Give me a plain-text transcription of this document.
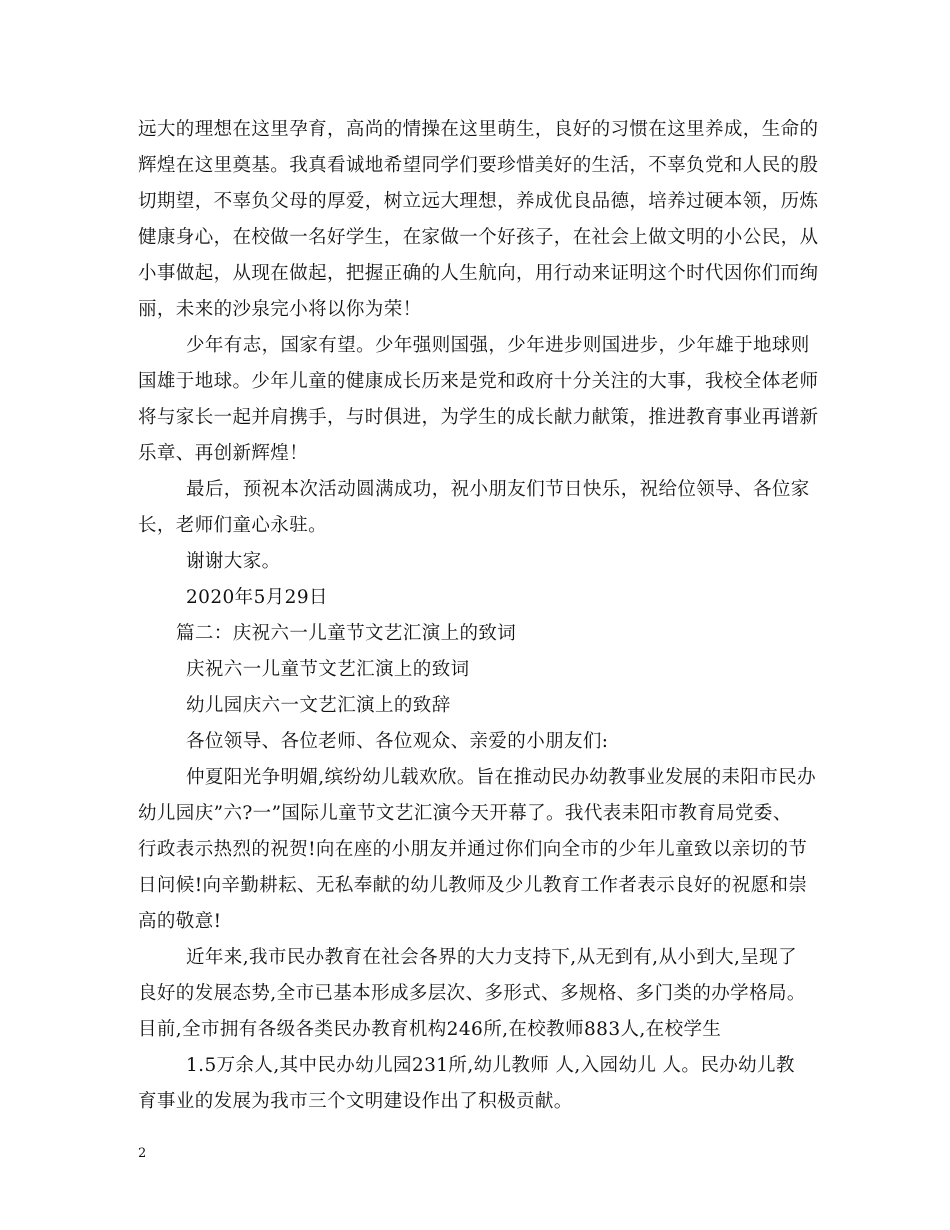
远大的理想在这里孕育，高尚的情操在这里萌生，良好的习惯在这里养成，生命的
辉煌在这里奠基。我真看诚地希望同学们要珍惜美好的生活，不辜负党和人民的殷
切期望，不辜负父母的厚爱，树立远大理想，养成优良品德，培养过硬本领，历炼
健康身心，在校做一名好学生，在家做一个好孩子，在社会上做文明的小公民，从
小事做起，从现在做起，把握正确的人生航向，用行动来证明这个时代因你们而绚
丽，未来的沙泉完小将以你为荣！
少年有志，国家有望。少年强则国强，少年进步则国进步，少年雄于地球则
国雄于地球。少年儿童的健康成长历来是党和政府十分关注的大事，我校全体老师
将与家长一起并肩携手，与时俱进，为学生的成长献力献策，推进教育事业再谱新
乐章、再创新辉煌！
最后，预祝本次活动圆满成功，祝小朋友们节日快乐，祝给位领导、各位家
长，老师们童心永驻。
谢谢大家。
2020年5月29日
篇二：庆祝六一儿童节文艺汇演上的致词
庆祝六一儿童节文艺汇演上的致词
幼儿园庆六一文艺汇演上的致辞
各位领导、各位老师、各位观众、亲爱的小朋友们:
仲夏阳光争明媚,缤纷幼儿载欢欣。旨在推动民办幼教事业发展的耒阳市民办
幼儿园庆”六?一”国际儿童节文艺汇演今天开幕了。我代表耒阳市教育局党委、
行政表示热烈的祝贺!向在座的小朋友并通过你们向全市的少年儿童致以亲切的节
日问候!向辛勤耕耘、无私奉献的幼儿教师及少儿教育工作者表示良好的祝愿和崇
高的敬意!
近年来,我市民办教育在社会各界的大力支持下,从无到有,从小到大,呈现了
良好的发展态势,全市已基本形成多层次、多形式、多规格、多门类的办学格局。
目前,全市拥有各级各类民办教育机构246所,在校教师883人,在校学生
1.5万余人,其中民办幼儿园231所,幼儿教师 人,入园幼儿 人。民办幼儿教
育事业的发展为我市三个文明建设作出了积极贡献。
2
